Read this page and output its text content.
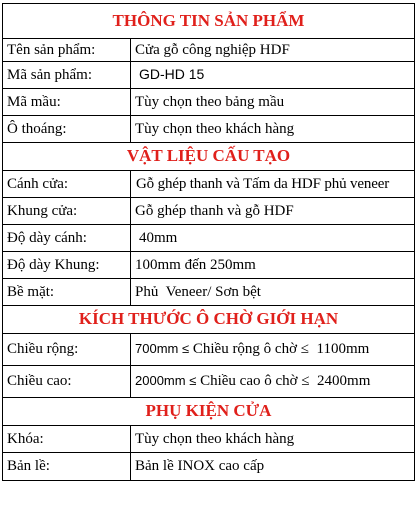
THÔNG TIN SẢN PHẨM	
Tên sản phẩm:	Cửa gỗ công nghiệp HDF
Mã sản phẩm:	GD-HD 15
Mã mầu:	Tùy chọn theo bảng mầu
Ô thoáng:	Tùy chọn theo khách hàng
VẬT LIỆU CẤU TẠO	
Cánh cửa:	Gỗ ghép thanh và Tấm da HDF phủ veneer
Khung cửa:	Gỗ ghép thanh và gỗ HDF
Độ dày cánh:	40mm
Độ dày Khung:	100mm đến 250mm
Bề mặt:	Phủ  Veneer/ Sơn bệt
KÍCH THƯỚC Ô CHỜ GIỚI HẠN	
Chiều rộng:	700mm ≤ Chiều rộng ô chờ ≤  1100mm
Chiều cao:	2000mm ≤ Chiều cao ô chờ ≤  2400mm
PHỤ KIỆN CỬA	
Khóa:	Tùy chọn theo khách hàng
Bản lề:	Bản lề INOX cao cấp
